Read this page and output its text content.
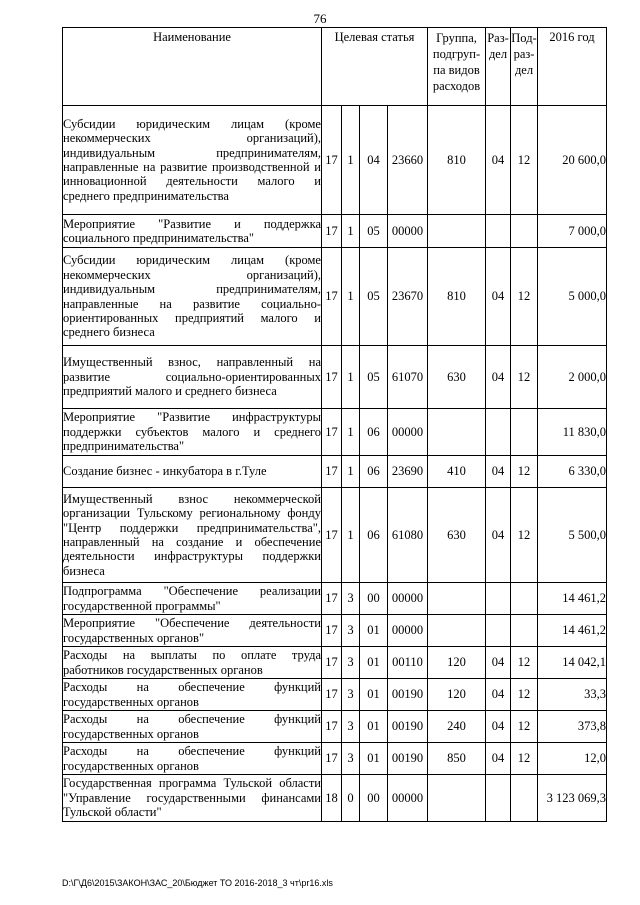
76
Наименование	Целевая статья				Группа, подгруп-па видов расходов	Раз-дел	Под-раз-дел	2016 год
Субсидии юридическим лицам (кроме некоммерческих организаций), индивидуальным предпринимателям, направленные на развитие производственной и инновационной деятельности малого и среднего предпринимательства	17	1	04	23660	810	04	12	20 600,0
Мероприятие "Развитие и поддержка социального предпринимательства"	17	1	05	00000				7 000,0
Субсидии юридическим лицам (кроме некоммерческих организаций), индивидуальным предпринимателям, направленные на развитие социально-ориентированных предприятий малого и среднего бизнеса	17	1	05	23670	810	04	12	5 000,0
Имущественный взнос, направленный на развитие социально-ориентированных предприятий малого и среднего бизнеса	17	1	05	61070	630	04	12	2 000,0
Мероприятие "Развитие инфраструктуры поддержки субъектов малого и среднего предпринимательства"	17	1	06	00000				11 830,0
Создание бизнес - инкубатора в г.Туле	17	1	06	23690	410	04	12	6 330,0
Имущественный взнос некоммерческой организации Тульскому региональному фонду "Центр поддержки предпринимательства", направленный на создание и обеспечение деятельности инфраструктуры поддержки бизнеса	17	1	06	61080	630	04	12	5 500,0
Подпрограмма "Обеспечение реализации государственной программы"	17	3	00	00000				14 461,2
Мероприятие "Обеспечение деятельности государственных органов"	17	3	01	00000				14 461,2
Расходы на выплаты по оплате труда работников государственных органов	17	3	01	00110	120	04	12	14 042,1
Расходы на обеспечение функций государственных органов	17	3	01	00190	120	04	12	33,3
Расходы на обеспечение функций государственных органов	17	3	01	00190	240	04	12	373,8
Расходы на обеспечение функций государственных органов	17	3	01	00190	850	04	12	12,0
Государственная программа Тульской области "Управление государственными финансами Тульской области"	18	0	00	00000				3 123 069,3
D:\Г\Д6\2015\ЗАКОН\ЗАС_20\Бюджет ТО 2016-2018_3 чт\pr16.xls
